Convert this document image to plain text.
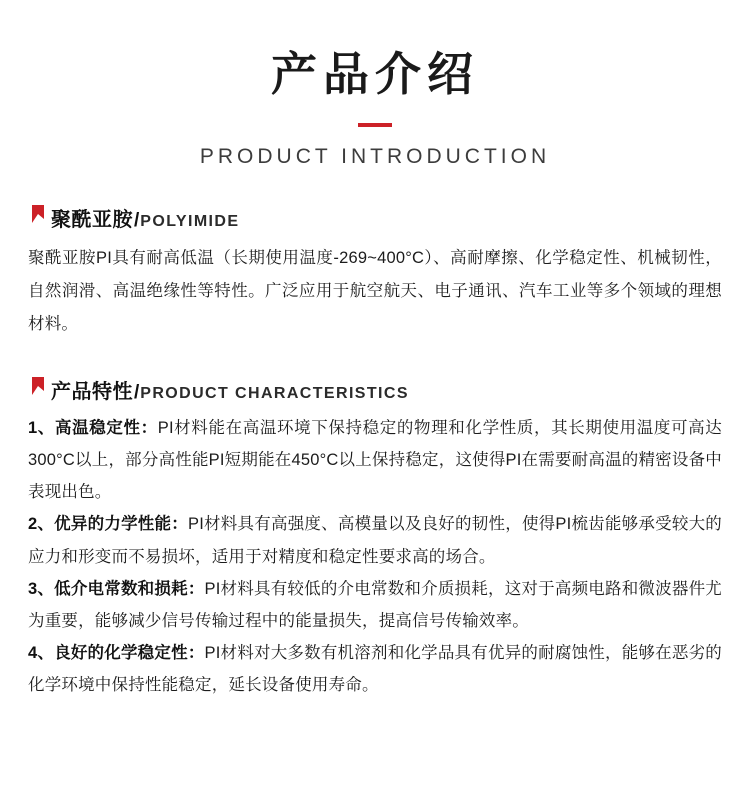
产品介绍
PRODUCT INTRODUCTION
聚酰亚胺 / POLYIMIDE
聚酰亚胺PI具有耐高低温（长期使用温度-269~400°C）、高耐摩擦、化学稳定性、机械韧性，自然润滑、高温绝缘性等特性。广泛应用于航空航天、电子通讯、汽车工业等多个领域的理想材料。
产品特性 / PRODUCT CHARACTERISTICS
1、高温稳定性：PI材料能在高温环境下保持稳定的物理和化学性质，其长期使用温度可高达300°C以上，部分高性能PI短期能在450°C以上保持稳定，这使得PI在需要耐高温的精密设备中表现出色。
2、优异的力学性能：PI材料具有高强度、高模量以及良好的韧性，使得PI梳齿能够承受较大的应力和形变而不易损坏，适用于对精度和稳定性要求高的场合。
3、低介电常数和损耗：PI材料具有较低的介电常数和介质损耗，这对于高频电路和微波器件尤为重要，能够减少信号传输过程中的能量损失，提高信号传输效率。
4、良好的化学稳定性：PI材料对大多数有机溶剂和化学品具有优异的耐腐蚀性，能够在恶劣的化学环境中保持性能稳定，延长设备使用寿命。
